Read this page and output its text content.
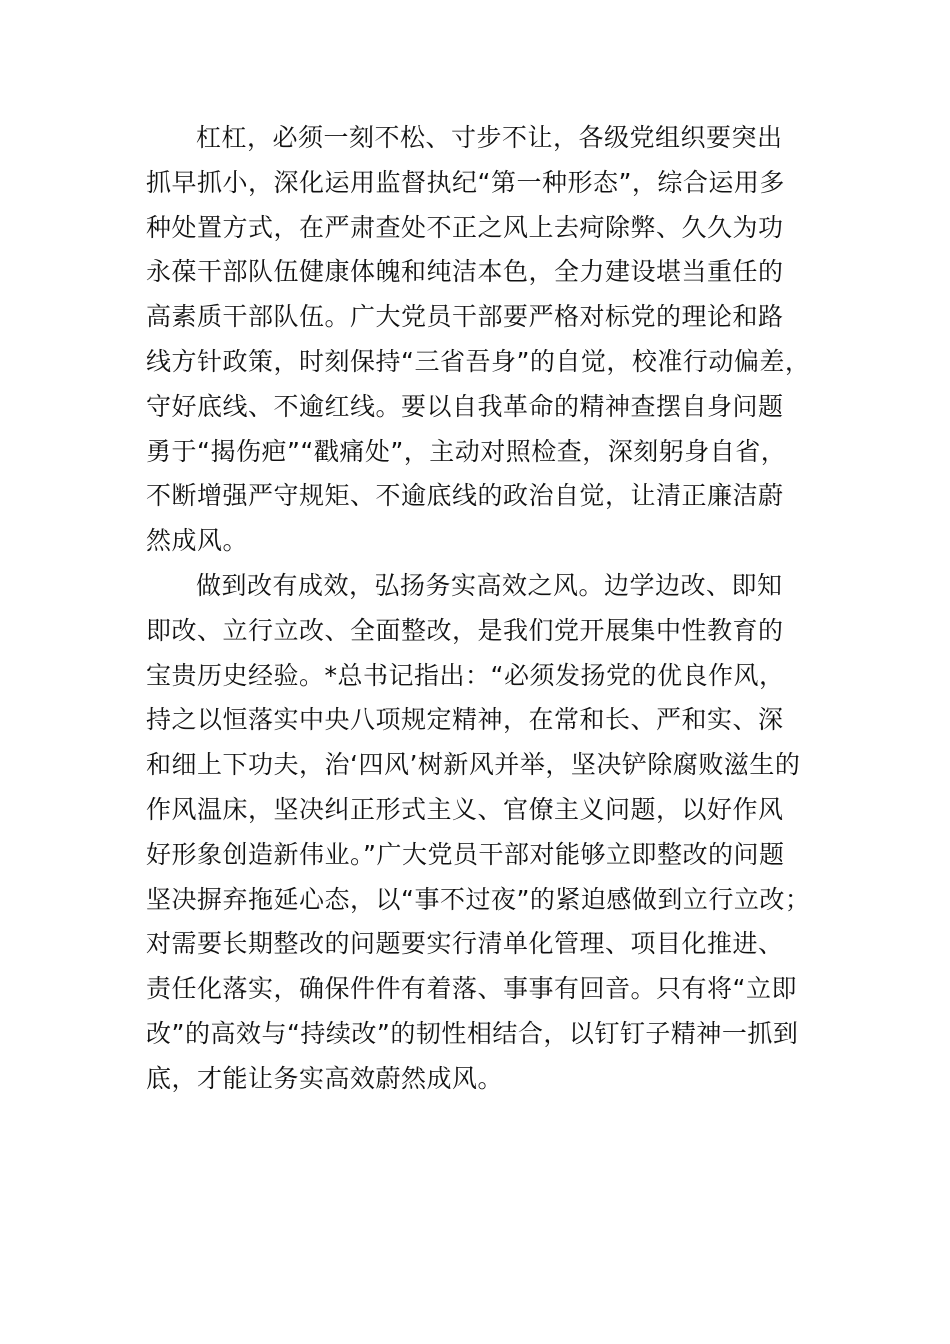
杠杠，必须一刻不松、寸步不让，各级党组织要突出
抓早抓小，深化运用监督执纪“第一种形态”，综合运用多
种处置方式，在严肃查处不正之风上去疴除弊、久久为功
永葆干部队伍健康体魄和纯洁本色，全力建设堪当重任的
高素质干部队伍。广大党员干部要严格对标党的理论和路
线方针政策，时刻保持“三省吾身”的自觉，校准行动偏差，
守好底线、不逾红线。要以自我革命的精神查摆自身问题
勇于“揭伤疤”“戳痛处”，主动对照检查，深刻躬身自省，
不断增强严守规矩、不逾底线的政治自觉，让清正廉洁蔚
然成风。
做到改有成效，弘扬务实高效之风。边学边改、即知
即改、立行立改、全面整改，是我们党开展集中性教育的
宝贵历史经验。*总书记指出：“必须发扬党的优良作风，
持之以恒落实中央八项规定精神，在常和长、严和实、深
和细上下功夫，治‘四风’树新风并举，坚决铲除腐败滋生的
作风温床，坚决纠正形式主义、官僚主义问题，以好作风
好形象创造新伟业。”广大党员干部对能够立即整改的问题
坚决摒弃拖延心态，以“事不过夜”的紧迫感做到立行立改；
对需要长期整改的问题要实行清单化管理、项目化推进、
责任化落实，确保件件有着落、事事有回音。只有将“立即
改”的高效与“持续改”的韧性相结合，以钉钉子精神一抓到
底，才能让务实高效蔚然成风。
